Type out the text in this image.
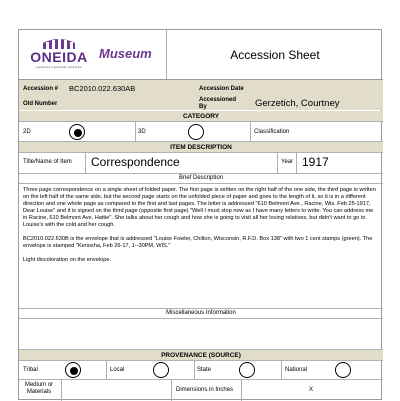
ONEIDA
A good mind. A good heart. A strong fire.
Museum	Accession Sheet
Accession # BC2010.022.630AB	Accession Date
Old Number
Accessioned By	Gerzetich, Courtney
CATEGORY
2D	3D	Classification
ITEM DESCRIPTION
Title/Name of Item Correspondence	Year 1917
Brief Description

Three page correspondence on a single sheet of folded paper. The first page is written on the right half of the one side, the third page is written on the left half of the same side, but the second page starts on the unfolded piece of paper and goes to the length of it, so it is in a different direction and one whole page as compared to the first and last pages. The letter is addressed "610 Belmont Ave., Racine, Wis. Feb 25-1917, Dear Louise" and it is signed on the third page (opposite first page) "Well I must stop now as I have many letters to write. You can address me in Racine, 610 Belmont Ave, Hattie". She talks about her cough and how she is going to visit all her loving relatives, but didn't want to go to Louise's with the cold and her cough.

BC2010.022.630B is the envelope that is addressed "Louise Fowler, Chilton, Wisconsin, R.F.D. Box 138" with two 1 cent stamps (green). The envelope is stamped "Kenosha, Feb 26-17, 1--30PM, WIS."

Light discoloration on the envelope.

Miscellaneous Information
PROVENANCE (SOURCE)
Tribal	Local	State	National
Medium or Materials	Dimensions in Inches	X
